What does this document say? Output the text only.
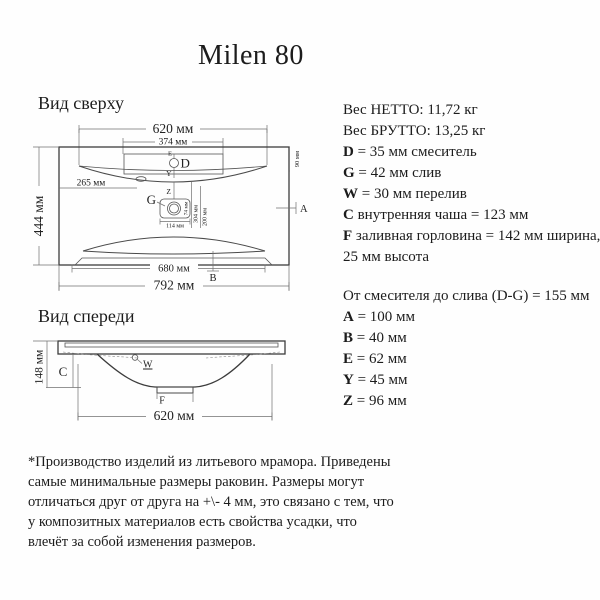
Milen 80
Вид сверху
620 мм
374 мм
444 мм
E
D
Y
265 мм
Z
G
74 мм
114 мм
304 мм 200 мм
B
680 мм
792 мм
90 мм
A
Вид спереди
148 мм C	W
F
620 мм
Вес НЕТТО: 11,72 кг
Вес БРУТТО: 13,25 кг
D = 35 мм смеситель
G = 42 мм слив
W = 30 мм перелив
C внутренняя чаша = 123 мм
F заливная горловина = 142 мм ширина,
25 мм высота
От смесителя до слива (D-G) = 155 мм
A = 100 мм
B = 40 мм
E = 62 мм
Y = 45 мм
Z = 96 мм
*Производство изделий из литьевого мрамора. Приведены
самые минимальные размеры раковин. Размеры могут
отличаться друг от друга на +\- 4 мм, это связано с тем, что
у композитных материалов есть свойства усадки, что
влечёт за собой изменения размеров.
